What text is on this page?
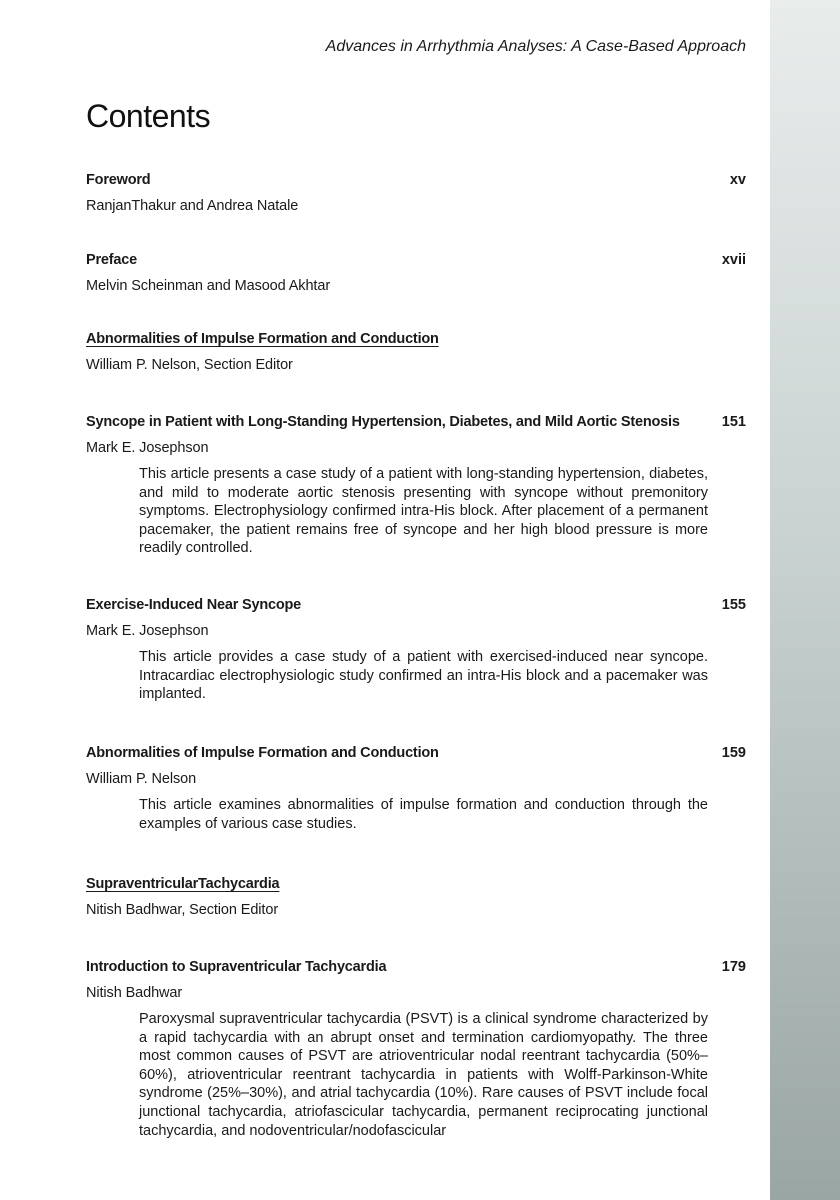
Advances in Arrhythmia Analyses: A Case-Based Approach
Contents
Foreword	xv
RanjanThakur and Andrea Natale
Preface	xvii
Melvin Scheinman and Masood Akhtar
Abnormalities of Impulse Formation and Conduction
William P. Nelson, Section Editor
Syncope in Patient with Long-Standing Hypertension, Diabetes, and Mild Aortic Stenosis	151
Mark E. Josephson
This article presents a case study of a patient with long-standing hypertension, diabetes, and mild to moderate aortic stenosis presenting with syncope without premonitory symptoms. Electrophysiology confirmed intra-His block. After placement of a permanent pacemaker, the patient remains free of syncope and her high blood pressure is more readily controlled.
Exercise-Induced Near Syncope	155
Mark E. Josephson
This article provides a case study of a patient with exercised-induced near syncope. Intracardiac electrophysiologic study confirmed an intra-His block and a pacemaker was implanted.
Abnormalities of Impulse Formation and Conduction	159
William P. Nelson
This article examines abnormalities of impulse formation and conduction through the examples of various case studies.
SupraventricularTachycardia
Nitish Badhwar, Section Editor
Introduction to Supraventricular Tachycardia	179
Nitish Badhwar
Paroxysmal supraventricular tachycardia (PSVT) is a clinical syndrome characterized by a rapid tachycardia with an abrupt onset and termination cardiomyopathy. The three most common causes of PSVT are atrioventricular nodal reentrant tachycardia (50%–60%), atrioventricular reentrant tachycardia in patients with Wolff-Parkinson-White syndrome (25%–30%), and atrial tachycardia (10%). Rare causes of PSVT include focal junctional tachycardia, atriofascicular tachycardia, permanent reciprocating junctional tachycardia, and nodoventricular/nodofascicular
